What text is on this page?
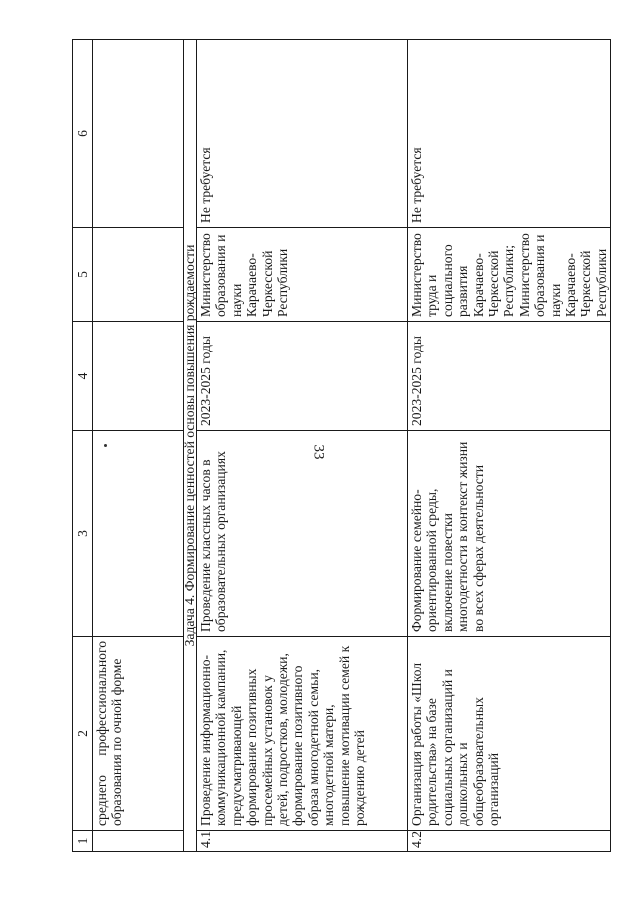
33
1	2	3	4	5	6
	среднего профессионального образования по очной форме				
Задача 4. Формирование ценностей основы повышения рождаемости					
4.1	Проведение информационно-коммуникационной кампании, предусматривающей формирование позитивных просемейных установок у детей, подростков, молодежи, формирование позитивного образа многодетной семьи, многодетной матери, повышение мотивации семей к рождению детей	Проведение классных часов в образовательных организациях	2023-2025 годы	Министерство образования и науки Карачаево-Черкесской Республики	Не требуется
4.2	Организация работы «Школ родительства» на базе социальных организаций и дошкольных и общеобразовательных организаций	Формирование семейно-ориентированной среды, включение повестки многодетности в контекст жизни во всех сферах деятельности	2023-2025 годы	Министерство труда и социального развития Карачаево-Черкесской Республики; Министерство образования и науки Карачаево-Черкесской Республики	Не требуется
